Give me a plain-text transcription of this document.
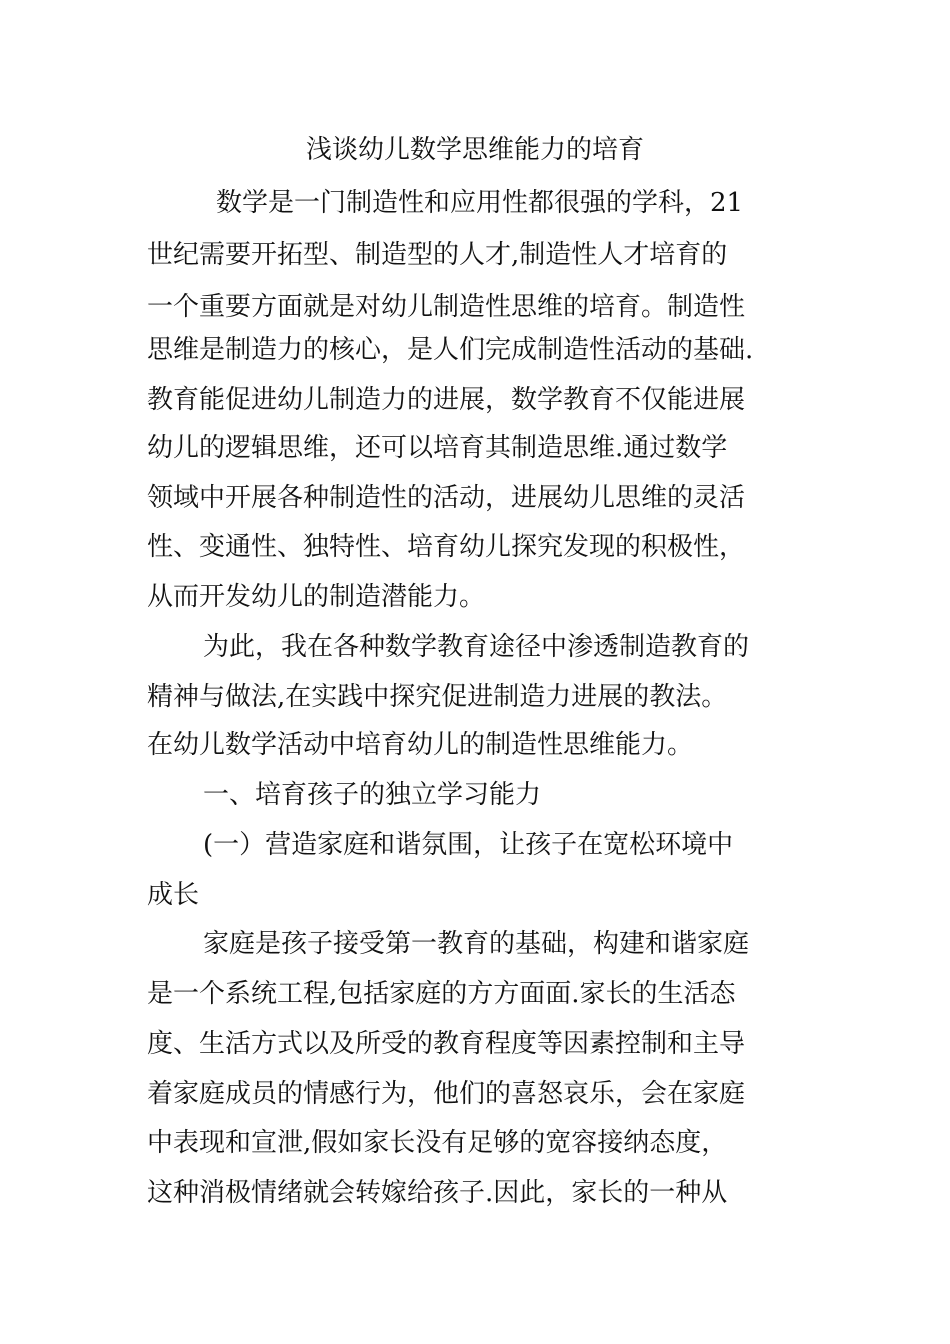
浅谈幼儿数学思维能力的培育
数学是一门制造性和应用性都很强的学科，21
世纪需要开拓型、制造型的人才,制造性人才培育的
一个重要方面就是对幼儿制造性思维的培育。制造性
思维是制造力的核心，是人们完成制造性活动的基础.
教育能促进幼儿制造力的进展，数学教育不仅能进展
幼儿的逻辑思维，还可以培育其制造思维.通过数学
领域中开展各种制造性的活动，进展幼儿思维的灵活
性、变通性、独特性、培育幼儿探究发现的积极性，
从而开发幼儿的制造潜能力。
为此，我在各种数学教育途径中渗透制造教育的
精神与做法,在实践中探究促进制造力进展的教法。
在幼儿数学活动中培育幼儿的制造性思维能力。
一、培育孩子的独立学习能力
(一）营造家庭和谐氛围，让孩子在宽松环境中
成长
家庭是孩子接受第一教育的基础，构建和谐家庭
是一个系统工程,包括家庭的方方面面.家长的生活态
度、生活方式以及所受的教育程度等因素控制和主导
着家庭成员的情感行为，他们的喜怒哀乐，会在家庭
中表现和宣泄,假如家长没有足够的宽容接纳态度，
这种消极情绪就会转嫁给孩子.因此，家长的一种从
